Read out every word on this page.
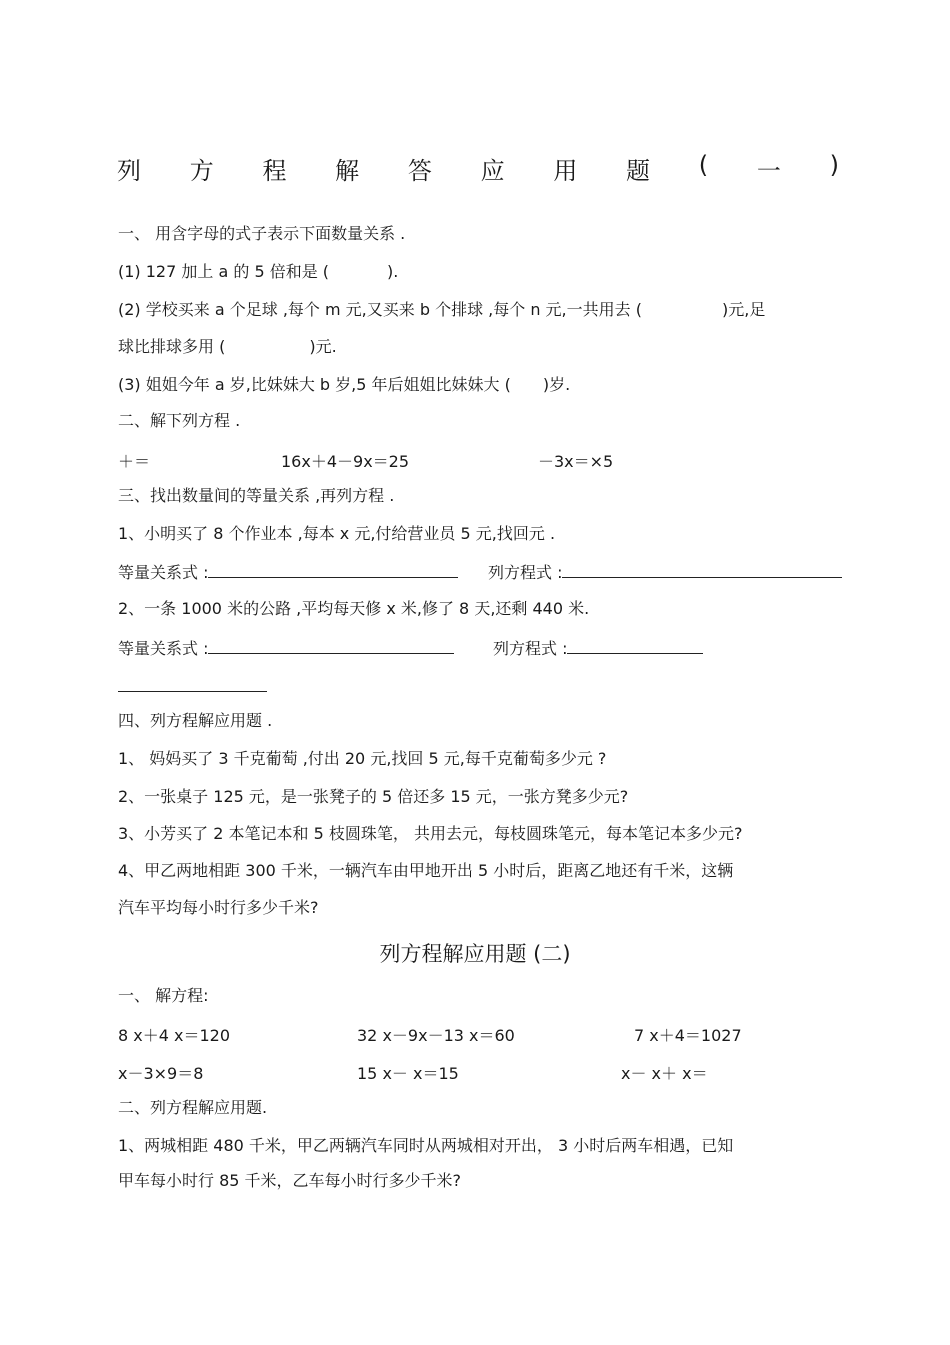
列 方 程 解 答 应 用 题 ( 一 )
一、 用含字母的式子表示下面数量关系 .
(1) 127 加上 a 的 5 倍和是 (	).
(2) 学校买来 a 个足球 ,每个 m 元,又买来 b 个排球 ,每个 n 元,一共用去 (	)元,足
球比排球多用 (	)元.
(3) 姐姐今年 a 岁,比妹妹大 b 岁,5 年后姐姐比妹妹大 ( )岁.
二、解下列方程 .
＋＝	16x＋4－9x＝25	－3x＝×5
三、找出数量间的等量关系 ,再列方程 .
1、小明买了 8 个作业本 ,每本 x 元,付给营业员 5 元,找回元 .
等量关系式 :	列方程式 :
2、一条 1000 米的公路 ,平均每天修 x 米,修了 8 天,还剩 440 米.
等量关系式 :	列方程式 :
四、列方程解应用题 .
1、 妈妈买了 3 千克葡萄 ,付出 20 元,找回 5 元,每千克葡萄多少元 ?
2、一张桌子 125 元，是一张凳子的 5 倍还多 15 元，一张方凳多少元?
3、小芳买了 2 本笔记本和 5 枝圆珠笔， 共用去元，每枝圆珠笔元，每本笔记本多少元?
4、甲乙两地相距 300 千米，一辆汽车由甲地开出 5 小时后，距离乙地还有千米，这辆
汽车平均每小时行多少千米?
列方程解应用题 (二)
一、 解方程:
8 x＋4 x＝120	32 x－9x－13 x＝60	7 x＋4＝1027
x－3×9＝8	15 x－ x＝15	x－ x＋ x＝
二、列方程解应用题.
1、两城相距 480 千米，甲乙两辆汽车同时从两城相对开出， 3 小时后两车相遇，已知
甲车每小时行 85 千米，乙车每小时行多少千米?
